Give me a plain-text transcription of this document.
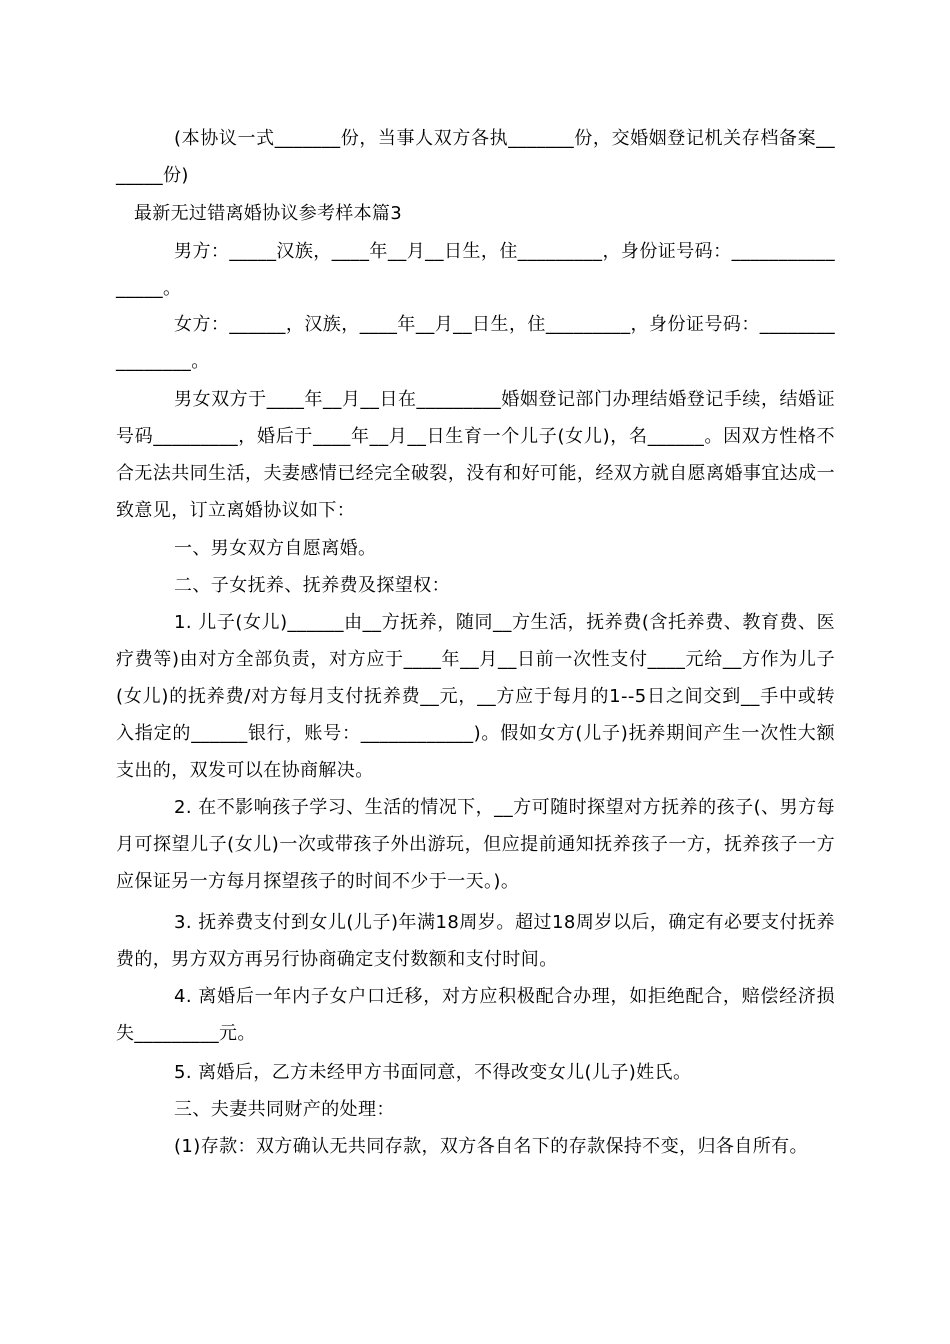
(本协议一式_______份，当事人双方各执_______份，交婚姻登记机关存档备案_______份)

最新无过错离婚协议参考样本篇3

男方：_____汉族，____年__月__日生，住_________，身份证号码：________________。

女方：______，汉族，____年__月__日生，住_________，身份证号码：________________。

男女双方于____年__月__日在_________婚姻登记部门办理结婚登记手续，结婚证号码_________，婚后于____年__月__日生育一个儿子(女儿)，名______。因双方性格不合无法共同生活，夫妻感情已经完全破裂，没有和好可能，经双方就自愿离婚事宜达成一致意见，订立离婚协议如下：

一、男女双方自愿离婚。

二、子女抚养、抚养费及探望权：

1. 儿子(女儿)______由__方抚养，随同__方生活，抚养费(含托养费、教育费、医疗费等)由对方全部负责，对方应于____年__月__日前一次性支付____元给__方作为儿子(女儿)的抚养费/对方每月支付抚养费__元，__方应于每月的1--5日之间交到__手中或转入指定的______银行，账号：____________)。假如女方(儿子)抚养期间产生一次性大额支出的，双发可以在协商解决。

2. 在不影响孩子学习、生活的情况下，__方可随时探望对方抚养的孩子(、男方每月可探望儿子(女儿)一次或带孩子外出游玩，但应提前通知抚养孩子一方，抚养孩子一方应保证另一方每月探望孩子的时间不少于一天。)。

3. 抚养费支付到女儿(儿子)年满18周岁。超过18周岁以后，确定有必要支付抚养费的，男方双方再另行协商确定支付数额和支付时间。

4. 离婚后一年内子女户口迁移，对方应积极配合办理，如拒绝配合，赔偿经济损失_________元。

5. 离婚后，乙方未经甲方书面同意，不得改变女儿(儿子)姓氏。

三、夫妻共同财产的处理：

(1)存款：双方确认无共同存款，双方各自名下的存款保持不变，归各自所有。
